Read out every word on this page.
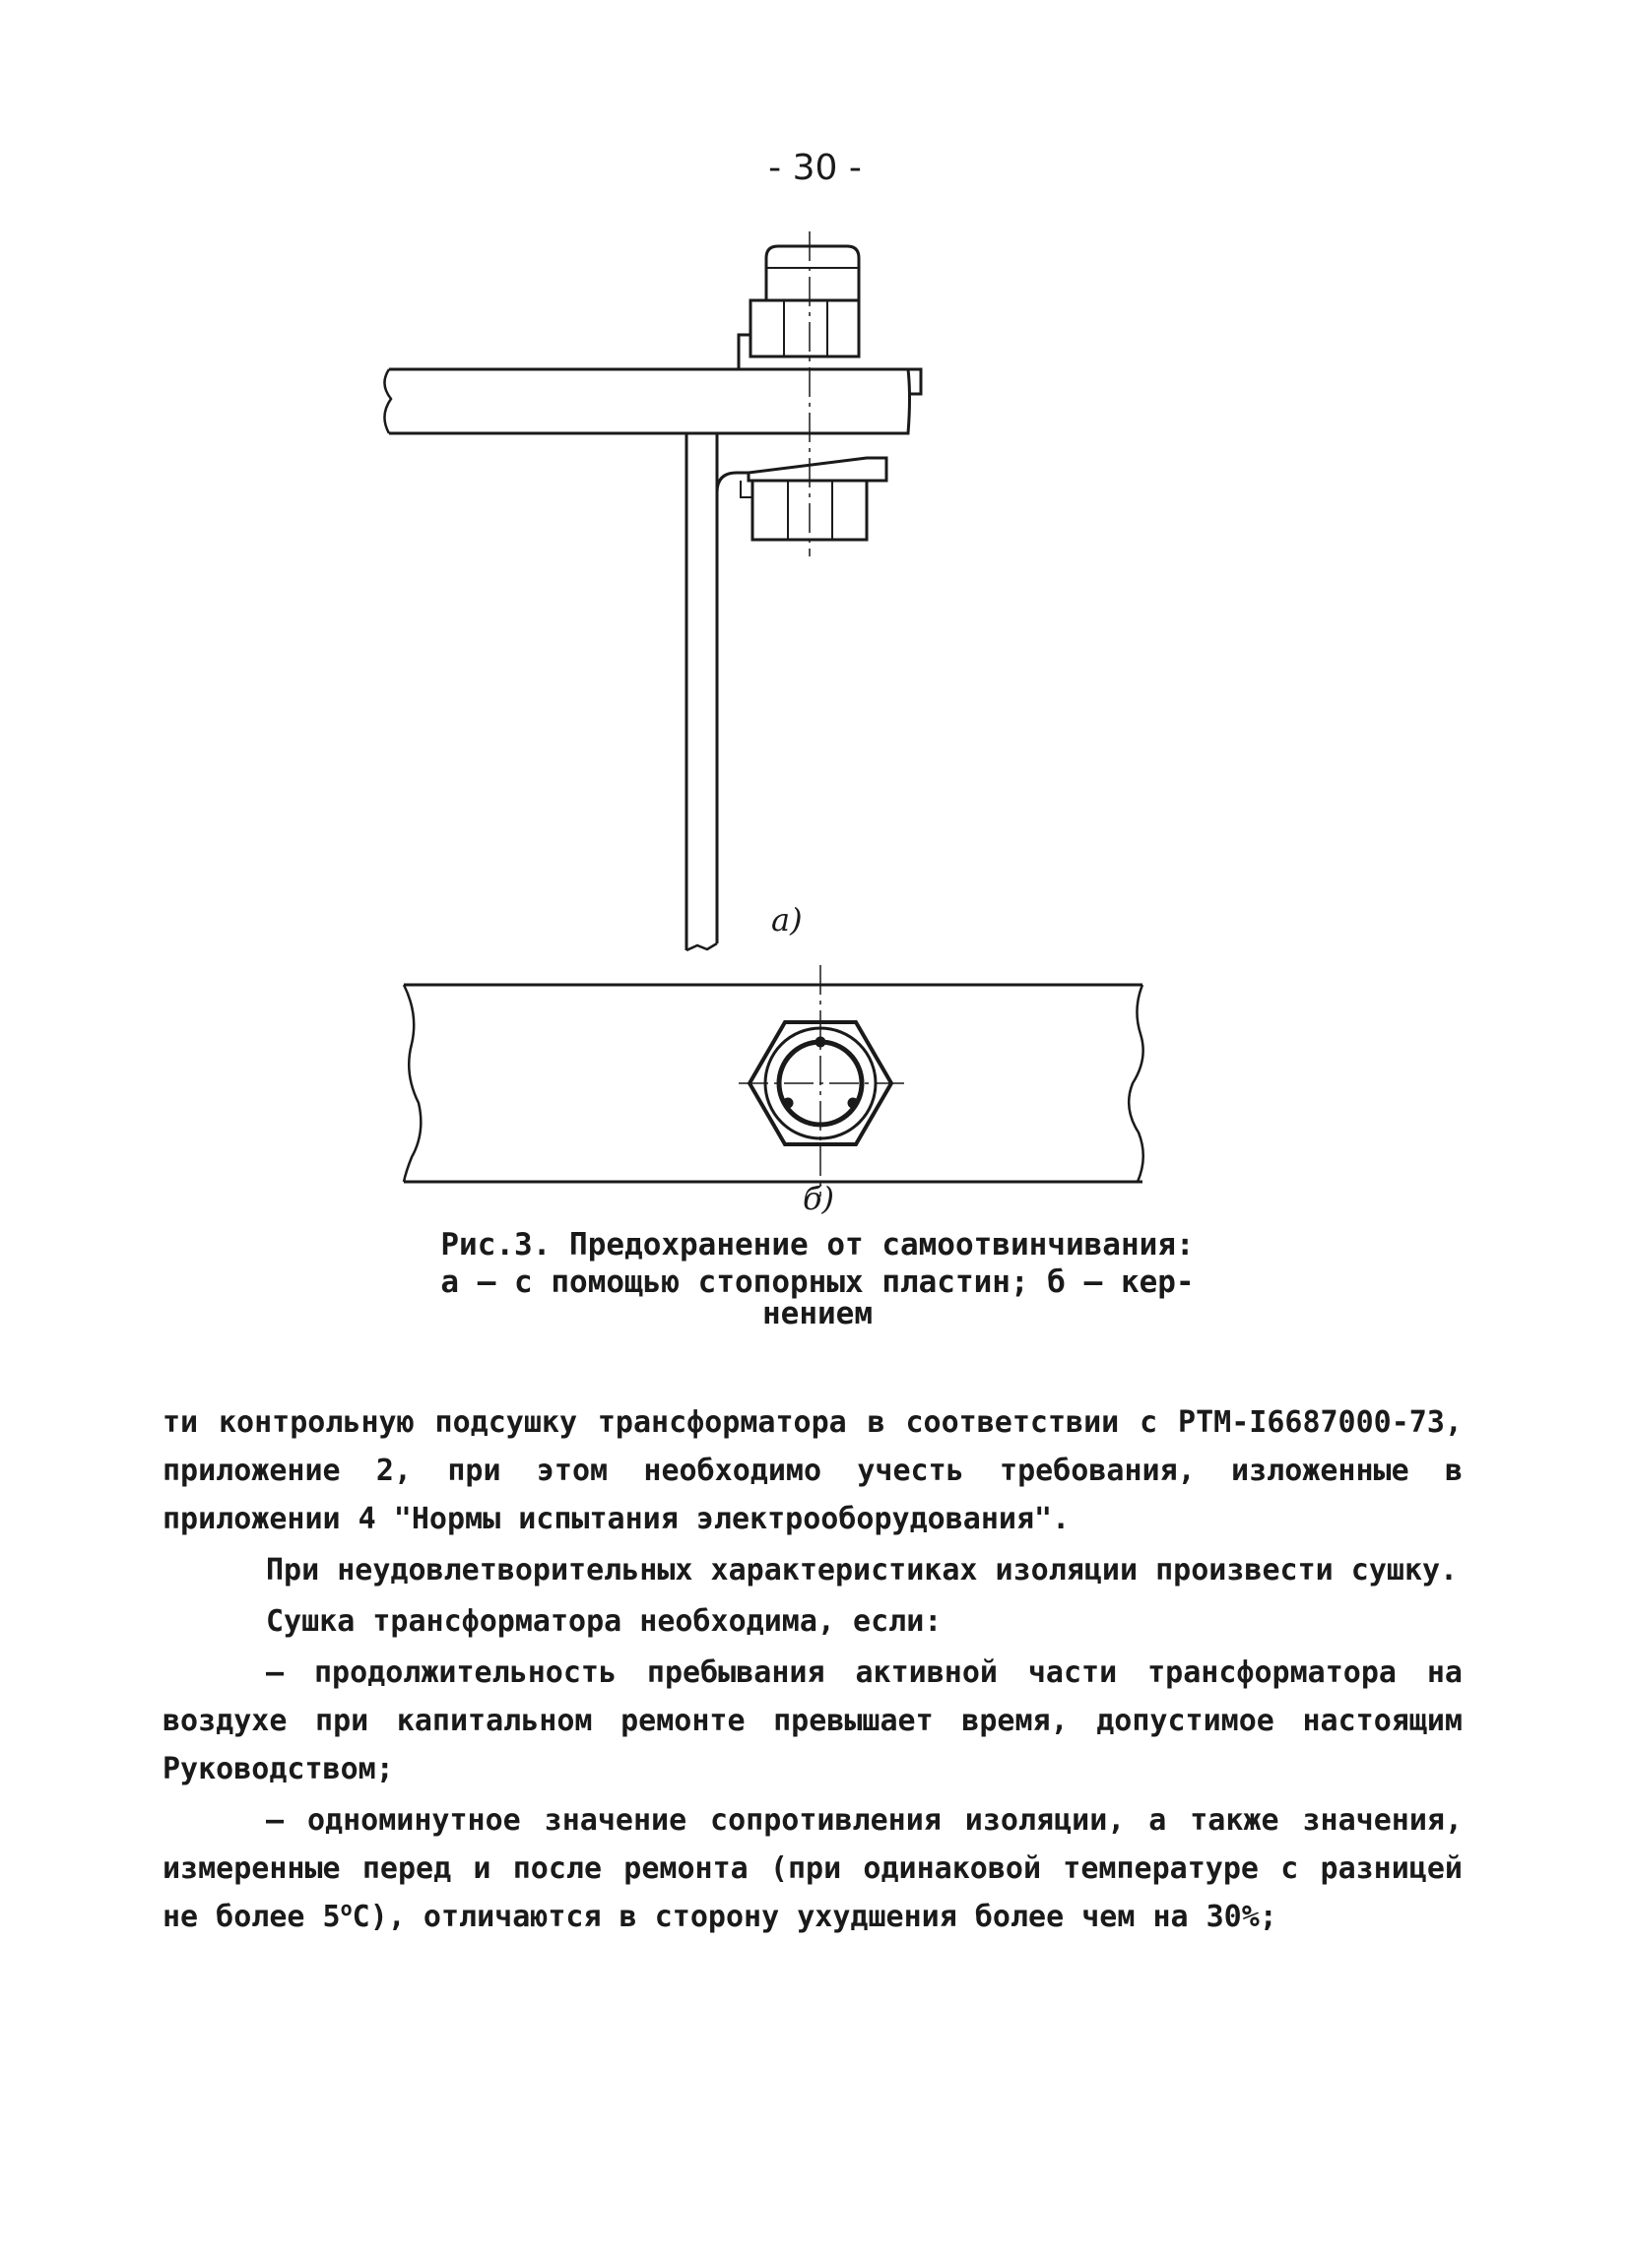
- 30 -
а)
б)
Рис.3. Предохранение от самоотвинчивания:
а – с помощью стопорных пластин; б – кер-
нением

ти контрольную подсушку трансформатора в соответствии с РТМ-I6687000-73, приложение 2, при этом необходимо учесть требования, изложенные в приложении 4 "Нормы испытания электрооборудования".

При неудовлетворительных характеристиках изоляции произвести сушку.

Сушка трансформатора необходима, если:

– продолжительность пребывания активной части трансформатора на воздухе при капитальном ремонте превышает время, допустимое настоящим Руководством;

– одноминутное значение сопротивления изоляции, а также значения, измеренные перед и после ремонта (при одинаковой температуре с разницей не более $5^оС$), отличаются в сторону ухудшения более чем на 30%;
